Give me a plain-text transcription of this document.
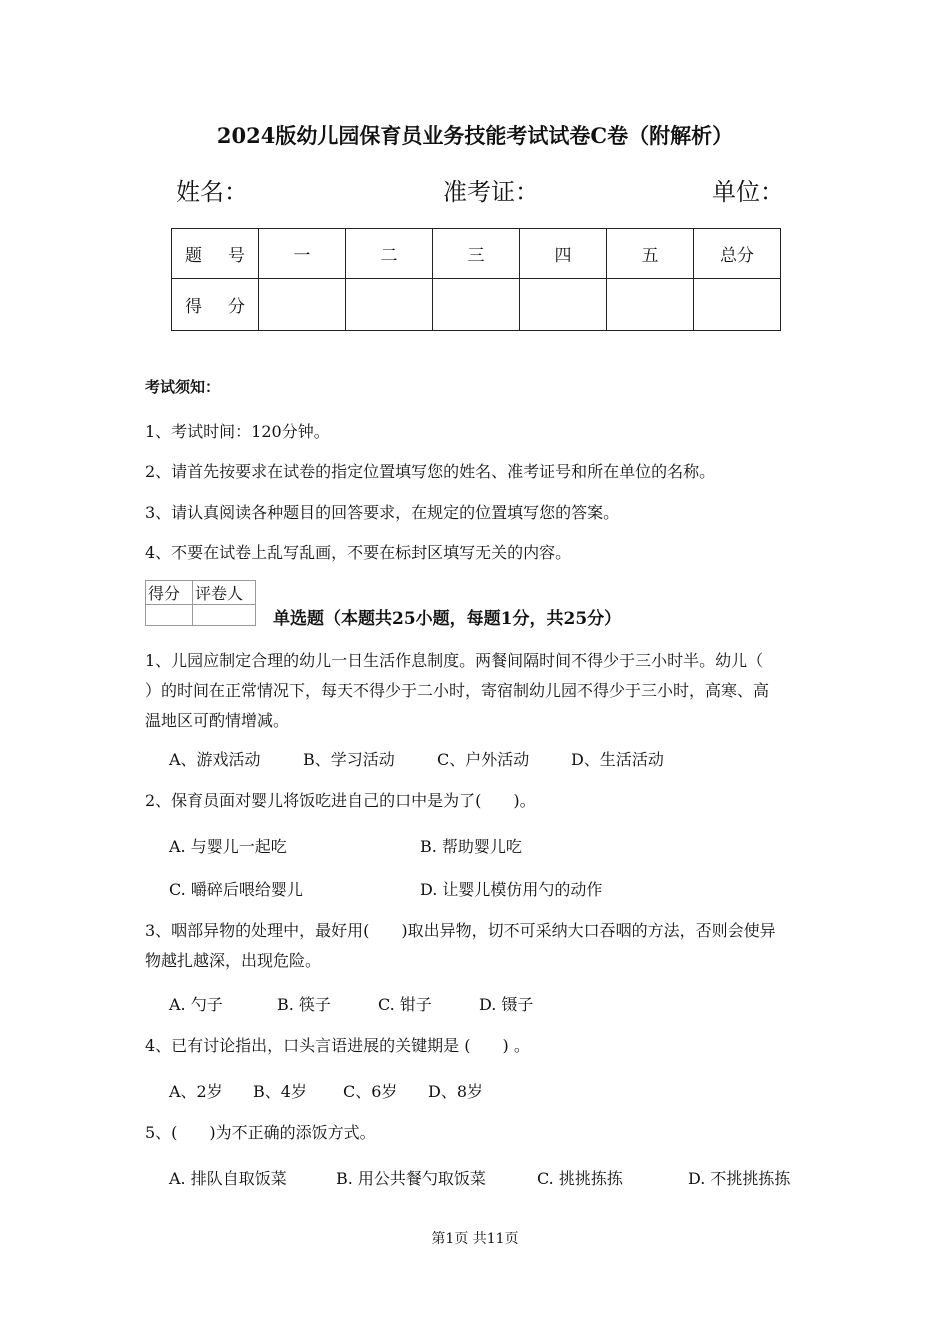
2024版幼儿园保育员业务技能考试试卷C卷（附解析）
姓名：	准考证：	单位：
题 号	一	二	三	四	五	总分
得 分						
考试须知：
1、考试时间：120分钟。
2、请首先按要求在试卷的指定位置填写您的姓名、准考证号和所在单位的名称。
3、请认真阅读各种题目的回答要求，在规定的位置填写您的答案。
4、不要在试卷上乱写乱画，不要在标封区填写无关的内容。
得分	评卷人

单选题（本题共25小题，每题1分，共25分）
1、儿园应制定合理的幼儿一日生活作息制度。两餐间隔时间不得少于三小时半。幼儿（
）的时间在正常情况下，每天不得少于二小时，寄宿制幼儿园不得少于三小时，高寒、高
温地区可酌情增减。
A、游戏活动	B、学习活动	C、户外活动	D、生活活动
2、保育员面对婴儿将饭吃进自己的口中是为了(　　)。
A. 与婴儿一起吃	B. 帮助婴儿吃
C. 嚼碎后喂给婴儿	D. 让婴儿模仿用勺的动作
3、咽部异物的处理中，最好用(　　)取出异物，切不可采纳大口吞咽的方法，否则会使异
物越扎越深，出现危险。
A. 勺子	B. 筷子	C. 钳子	D. 镊子
4、已有讨论指出，口头言语进展的关键期是 (　　) 。
A、2岁 B、4岁 C、6岁 D、8岁
5、(　　)为不正确的添饭方式。
A. 排队自取饭菜	B. 用公共餐勺取饭菜	C. 挑挑拣拣	D. 不挑挑拣拣
第1页 共11页
